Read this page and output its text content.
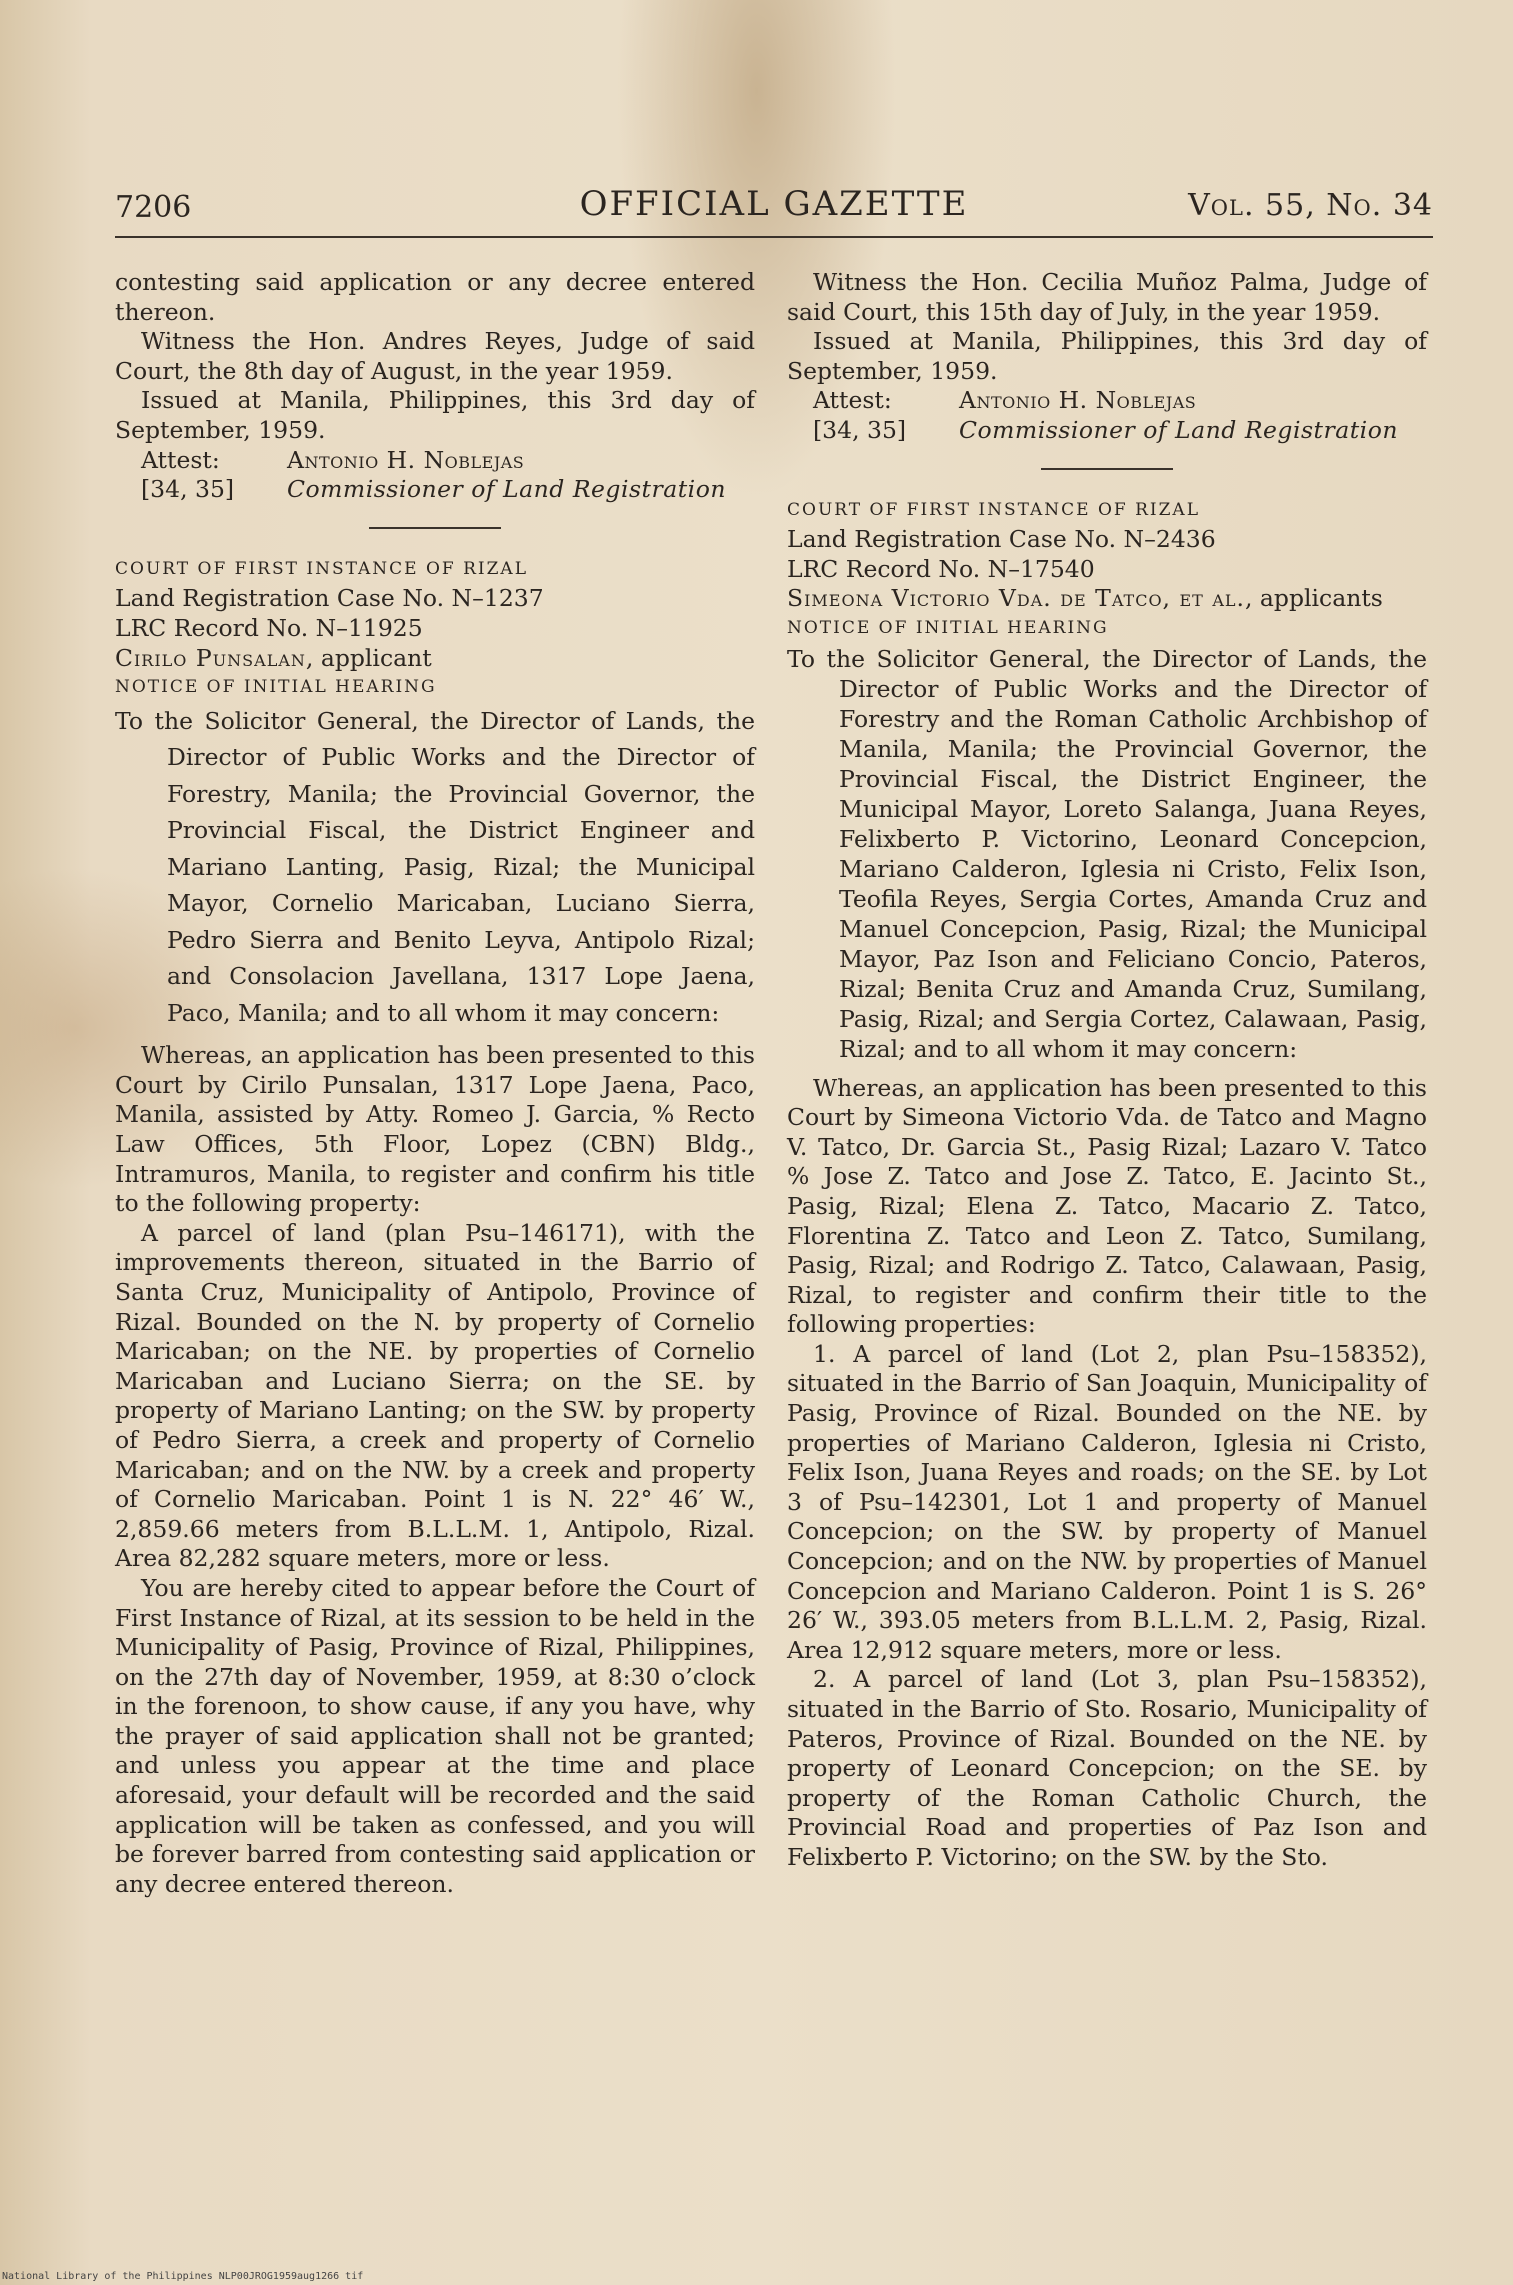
7206	OFFICIAL GAZETTE	Vol. 55, No. 34

contesting said application or any decree entered thereon.

Witness the Hon. Andres Reyes, Judge of said Court, the 8th day of August, in the year 1959.

Issued at Manila, Philippines, this 3rd day of September, 1959.

Attest:	Antonio H. Noblejas
[34, 35]	Commissioner of Land Registration

COURT OF FIRST INSTANCE OF RIZAL

Land Registration Case No. N–1237

LRC Record No. N–11925

Cirilo Punsalan, applicant

NOTICE OF INITIAL HEARING

To the Solicitor General, the Director of Lands, the Director of Public Works and the Director of Forestry, Manila; the Provincial Governor, the Provincial Fiscal, the District Engineer and Mariano Lanting, Pasig, Rizal; the Municipal Mayor, Cornelio Maricaban, Luciano Sierra, Pedro Sierra and Benito Leyva, Antipolo Rizal; and Consolacion Javellana, 1317 Lope Jaena, Paco, Manila; and to all whom it may concern:

Whereas, an application has been presented to this Court by Cirilo Punsalan, 1317 Lope Jaena, Paco, Manila, assisted by Atty. Romeo J. Garcia, % Recto Law Offices, 5th Floor, Lopez (CBN) Bldg., Intramuros, Manila, to register and confirm his title to the following property:

A parcel of land (plan Psu–146171), with the improvements thereon, situated in the Barrio of Santa Cruz, Municipality of Antipolo, Province of Rizal. Bounded on the N. by property of Cornelio Maricaban; on the NE. by properties of Cornelio Maricaban and Luciano Sierra; on the SE. by property of Mariano Lanting; on the SW. by property of Pedro Sierra, a creek and property of Cornelio Maricaban; and on the NW. by a creek and property of Cornelio Maricaban. Point 1 is N. 22° 46′ W., 2,859.66 meters from B.L.L.M. 1, Antipolo, Rizal. Area 82,282 square meters, more or less.

You are hereby cited to appear before the Court of First Instance of Rizal, at its session to be held in the Municipality of Pasig, Province of Rizal, Philippines, on the 27th day of November, 1959, at 8:30 o’clock in the forenoon, to show cause, if any you have, why the prayer of said application shall not be granted; and unless you appear at the time and place aforesaid, your default will be recorded and the said application will be taken as confessed, and you will be forever barred from contesting said application or any decree entered thereon.

Witness the Hon. Cecilia Muñoz Palma, Judge of said Court, this 15th day of July, in the year 1959.

Issued at Manila, Philippines, this 3rd day of September, 1959.

Attest:	Antonio H. Noblejas
[34, 35]	Commissioner of Land Registration

COURT OF FIRST INSTANCE OF RIZAL

Land Registration Case No. N–2436

LRC Record No. N–17540

Simeona Victorio Vda. de Tatco, et al., applicants

NOTICE OF INITIAL HEARING

To the Solicitor General, the Director of Lands, the Director of Public Works and the Director of Forestry and the Roman Catholic Archbishop of Manila, Manila; the Provincial Governor, the Provincial Fiscal, the District Engineer, the Municipal Mayor, Loreto Salanga, Juana Reyes, Felixberto P. Victorino, Leonard Concepcion, Mariano Calderon, Iglesia ni Cristo, Felix Ison, Teofila Reyes, Sergia Cortes, Amanda Cruz and Manuel Concepcion, Pasig, Rizal; the Municipal Mayor, Paz Ison and Feliciano Concio, Pateros, Rizal; Benita Cruz and Amanda Cruz, Sumilang, Pasig, Rizal; and Sergia Cortez, Calawaan, Pasig, Rizal; and to all whom it may concern:

Whereas, an application has been presented to this Court by Simeona Victorio Vda. de Tatco and Magno V. Tatco, Dr. Garcia St., Pasig Rizal; Lazaro V. Tatco % Jose Z. Tatco and Jose Z. Tatco, E. Jacinto St., Pasig, Rizal; Elena Z. Tatco, Macario Z. Tatco, Florentina Z. Tatco and Leon Z. Tatco, Sumilang, Pasig, Rizal; and Rodrigo Z. Tatco, Calawaan, Pasig, Rizal, to register and confirm their title to the following properties:

1. A parcel of land (Lot 2, plan Psu–158352), situated in the Barrio of San Joaquin, Municipality of Pasig, Province of Rizal. Bounded on the NE. by properties of Mariano Calderon, Iglesia ni Cristo, Felix Ison, Juana Reyes and roads; on the SE. by Lot 3 of Psu–142301, Lot 1 and property of Manuel Concepcion; on the SW. by property of Manuel Concepcion; and on the NW. by properties of Manuel Concepcion and Mariano Calderon. Point 1 is S. 26° 26′ W., 393.05 meters from B.L.L.M. 2, Pasig, Rizal. Area 12,912 square meters, more or less.

2. A parcel of land (Lot 3, plan Psu–158352), situated in the Barrio of Sto. Rosario, Municipality of Pateros, Province of Rizal. Bounded on the NE. by property of Leonard Concepcion; on the SE. by property of the Roman Catholic Church, the Provincial Road and properties of Paz Ison and Felixberto P. Victorino; on the SW. by the Sto.

National Library of the Philippines NLP00JROG1959aug1266 tif
